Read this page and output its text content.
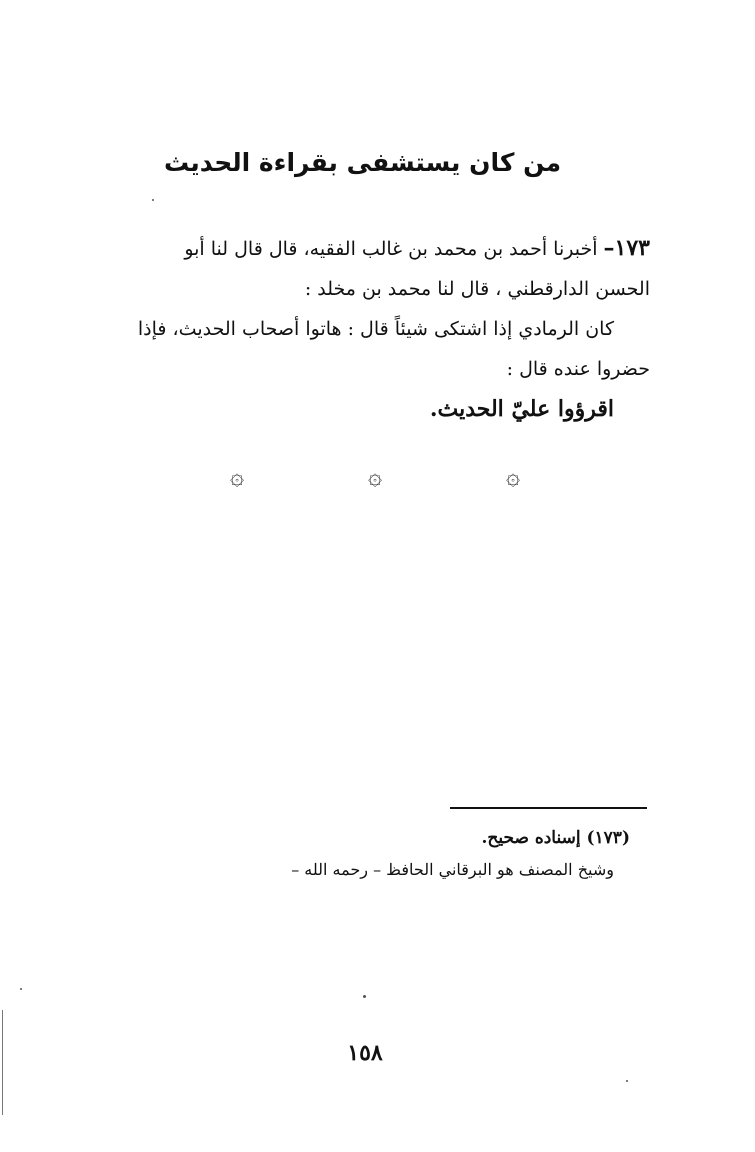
من كان يستشفى بقراءة الحديث

١٧٣– أخبرنا أحمد بن محمد بن غالب الفقيه، قال قال لنا أبو

الحسن الدارقطني ، قال لنا محمد بن مخلد :

كان الرمادي إذا اشتكى شيئاً قال : هاتوا أصحاب الحديث، فإذا

حضروا عنده قال :

اقرؤوا عليّ الحديث.

۞	۞	۞

(١٧٣) إسناده صحيح.

وشيخ المصنف هو البرقاني الحافظ – رحمه الله –

١٥٨
